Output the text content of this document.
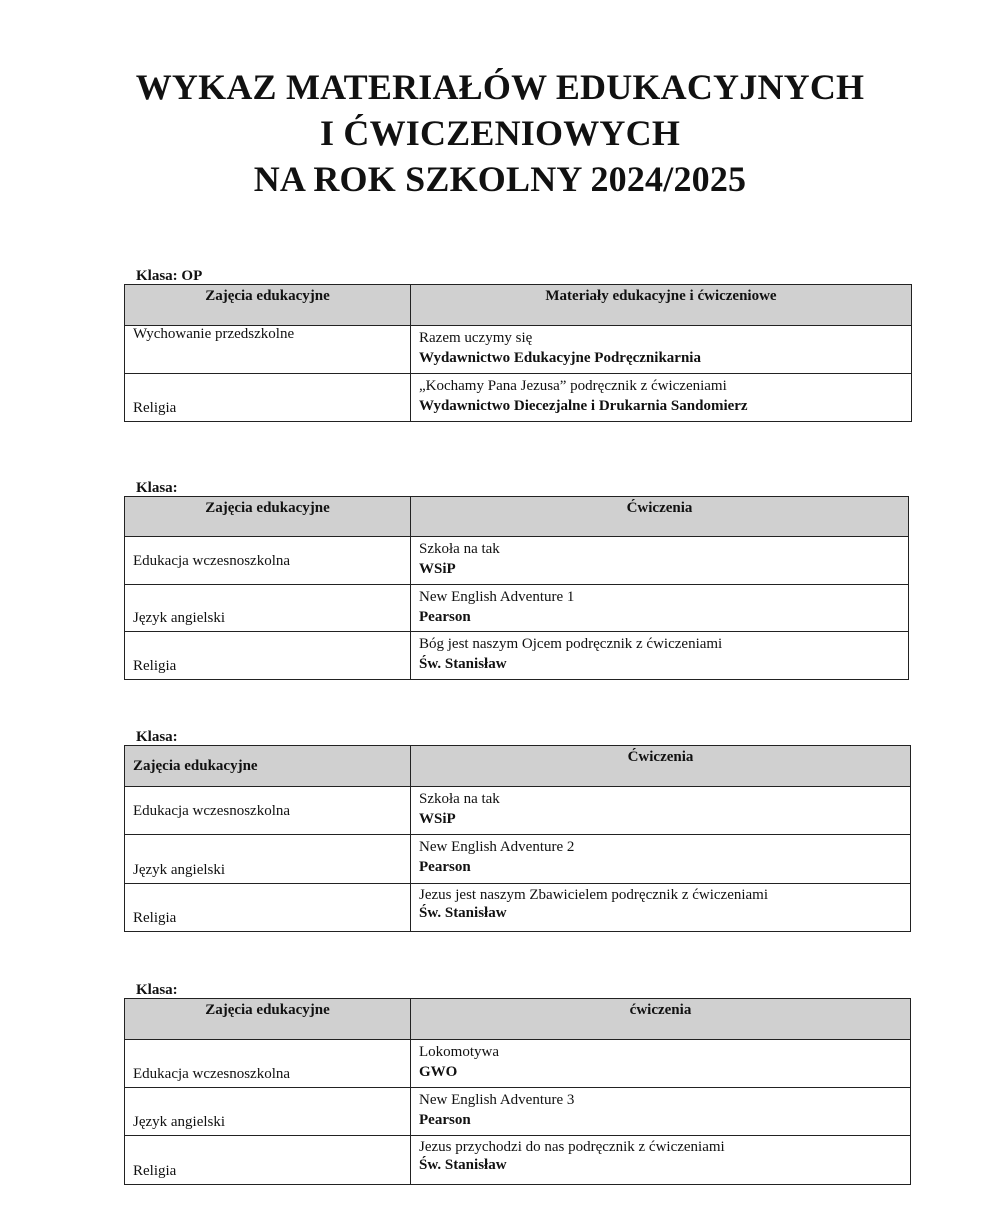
WYKAZ MATERIAŁÓW EDUKACYJNYCH
I ĆWICZENIOWYCH
NA ROK SZKOLNY 2024/2025
Klasa: OP
Zajęcia edukacyjne	Materiały edukacyjne i ćwiczeniowe
Wychowanie przedszkolne	Razem uczymy się
Wydawnictwo Edukacyjne Podręcznikarnia

Religia	„Kochamy Pana Jezusa” podręcznik z ćwiczeniami
Wydawnictwo Diecezjalne i Drukarnia Sandomierz
Klasa:
Zajęcia edukacyjne	Ćwiczenia
Edukacja wczesnoszkolna	Szkoła na tak
WSiP

Język angielski	New English Adventure 1
Pearson

Religia	Bóg jest naszym Ojcem podręcznik z ćwiczeniami
Św. Stanisław
Klasa:
Zajęcia edukacyjne	Ćwiczenia
Edukacja wczesnoszkolna	Szkoła na tak
WSiP

Język angielski	New English Adventure 2
Pearson

Religia	Jezus jest naszym Zbawicielem podręcznik z ćwiczeniami
Św. Stanisław
Klasa:
Zajęcia edukacyjne	ćwiczenia
Edukacja wczesnoszkolna	Lokomotywa
GWO

Język angielski	New English Adventure 3
Pearson

Religia	Jezus przychodzi do nas podręcznik z ćwiczeniami
Św. Stanisław
